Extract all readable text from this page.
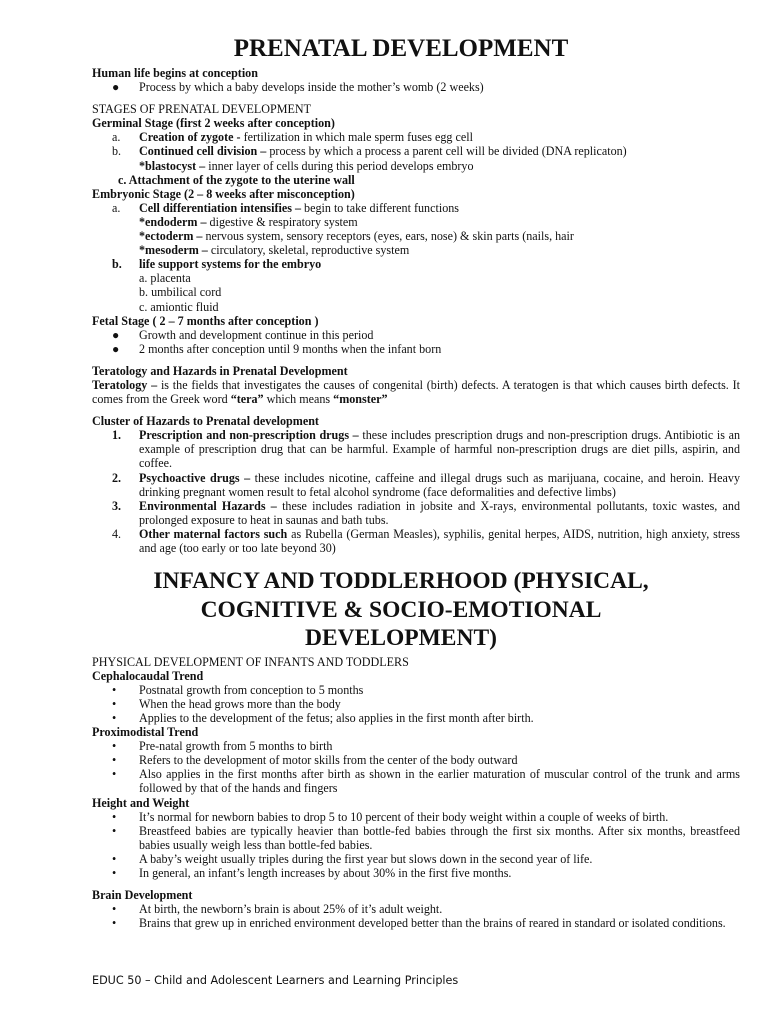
PRENATAL DEVELOPMENT
Human life begins at conception
●	Process by which a baby develops inside the mother’s womb (2 weeks)
STAGES OF PRENATAL DEVELOPMENT
Germinal Stage (first 2 weeks after conception)
a.	Creation of zygote - fertilization in which male sperm fuses egg cell
b.	Continued cell division – process by which a process a parent cell will be divided (DNA replicaton)
*blastocyst – inner layer of cells during this period develops embryo
c. Attachment of the zygote to the uterine wall
Embryonic Stage (2 – 8 weeks after misconception)
a.	Cell differentiation intensifies – begin to take different functions
*endoderm – digestive & respiratory system
*ectoderm – nervous system, sensory receptors (eyes, ears, nose) & skin parts (nails, hair
*mesoderm – circulatory, skeletal, reproductive system
b.	life support systems for the embryo
a. placenta
b. umbilical cord
c. amiontic fluid
Fetal Stage ( 2 – 7 months after conception )
●	Growth and development continue in this period
●	2 months after conception until 9 months when the infant born
Teratology and Hazards in Prenatal Development
Teratology – is the fields that investigates the causes of congenital (birth) defects. A teratogen is that which causes birth defects. It comes from the Greek word “tera” which means “monster”
Cluster of Hazards to Prenatal development
1.	Prescription and non-prescription drugs – these includes prescription drugs and non-prescription drugs. Antibiotic is an example of prescription drug that can be harmful. Example of harmful non-prescription drugs are diet pills, aspirin, and coffee.
2.	Psychoactive drugs – these includes nicotine, caffeine and illegal drugs such as marijuana, cocaine, and heroin. Heavy drinking pregnant women result to fetal alcohol syndrome (face deformalities and defective limbs)
3.	Environmental Hazards – these includes radiation in jobsite and X-rays, environmental pollutants, toxic wastes, and prolonged exposure to heat in saunas and bath tubs.
4.	Other maternal factors such as Rubella (German Measles), syphilis, genital herpes, AIDS, nutrition, high anxiety, stress and age (too early or too late beyond 30)
INFANCY AND TODDLERHOOD (PHYSICAL,
COGNITIVE & SOCIO-EMOTIONAL
DEVELOPMENT)
PHYSICAL DEVELOPMENT OF INFANTS AND TODDLERS
Cephalocaudal Trend
•	Postnatal growth from conception to 5 months
•	When the head grows more than the body
•	Applies to the development of the fetus; also applies in the first month after birth.
Proximodistal Trend
•	Pre-natal growth from 5 months to birth
•	Refers to the development of motor skills from the center of the body outward
•	Also applies in the first months after birth as shown in the earlier maturation of muscular control of the trunk and arms followed by that of the hands and fingers
Height and Weight
•	It’s normal for newborn babies to drop 5 to 10 percent of their body weight within a couple of weeks of birth.
•	Breastfeed babies are typically heavier than bottle-fed babies through the first six months. After six months, breastfeed babies usually weigh less than bottle-fed babies.
•	A baby’s weight usually triples during the first year but slows down in the second year of life.
•	In general, an infant’s length increases by about 30% in the first five months.
Brain Development
•	At birth, the newborn’s brain is about 25% of it’s adult weight.
•	Brains that grew up in enriched environment developed better than the brains of reared in standard or isolated conditions.
EDUC 50 – Child and Adolescent Learners and Learning Principles
